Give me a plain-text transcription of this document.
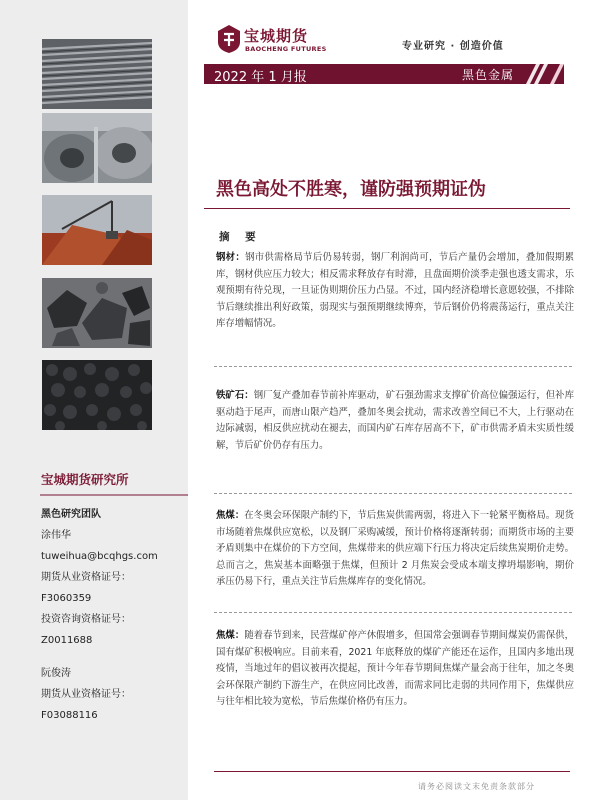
宝城期货研究所
黑色研究团队
涂伟华
tuweihua@bcqhgs.com
期货从业资格证号：
F3060359
投资咨询资格证号：
Z0011688
阮俊涛
期货从业资格证号：
F03088116
宝城期货
BAOCHENG FUTURES	专业研究 · 创造价值
2022 年 1 月报	黑色金属
黑色高处不胜寒，谨防强预期证伪
摘 要
钢材：钢市供需格局节后仍易转弱，钢厂利润尚可，节后产量仍会增加，叠加假期累库，钢材供应压力较大；相反需求释放存有时滞，且盘面期价淡季走强也透支需求，乐观预期有待兑现，一旦证伪则期价压力凸显。不过，国内经济稳增长意愿较强，不排除节后继续推出利好政策，弱现实与强预期继续博弈，节后钢价仍将震荡运行，重点关注库存增幅情况。
铁矿石：钢厂复产叠加春节前补库驱动，矿石强劲需求支撑矿价高位偏强运行，但补库驱动趋于尾声，而唐山限产趋严，叠加冬奥会扰动，需求改善空间已不大，上行驱动在边际减弱，相反供应扰动在褪去，而国内矿石库存居高不下，矿市供需矛盾未实质性缓解，节后矿价仍存有压力。
焦煤：在冬奥会环保限产制约下，节后焦炭供需两弱，将进入下一轮紧平衡格局。现货市场随着焦煤供应宽松，以及钢厂采购减缓，预计价格将逐渐转弱；而期货市场的主要矛盾则集中在煤价的下方空间，焦煤带来的供应端下行压力将决定后续焦炭期价走势。总而言之，焦炭基本面略强于焦煤，但预计 2 月焦炭会受成本端支撑坍塌影响，期价承压仍易下行，重点关注节后焦煤库存的变化情况。
焦煤：随着春节到来，民营煤矿停产休假增多，但国常会强调春节期间煤炭仍需保供，国有煤矿积极响应。目前来看，2021 年底释放的煤矿产能还在运作，且国内多地出现疫情，当地过年的倡议被再次提起，预计今年春节期间焦煤产量会高于往年，加之冬奥会环保限产制约下游生产，在供应同比改善，而需求同比走弱的共同作用下，焦煤供应与往年相比较为宽松，节后焦煤价格仍有压力。
请务必阅读文末免责条款部分
